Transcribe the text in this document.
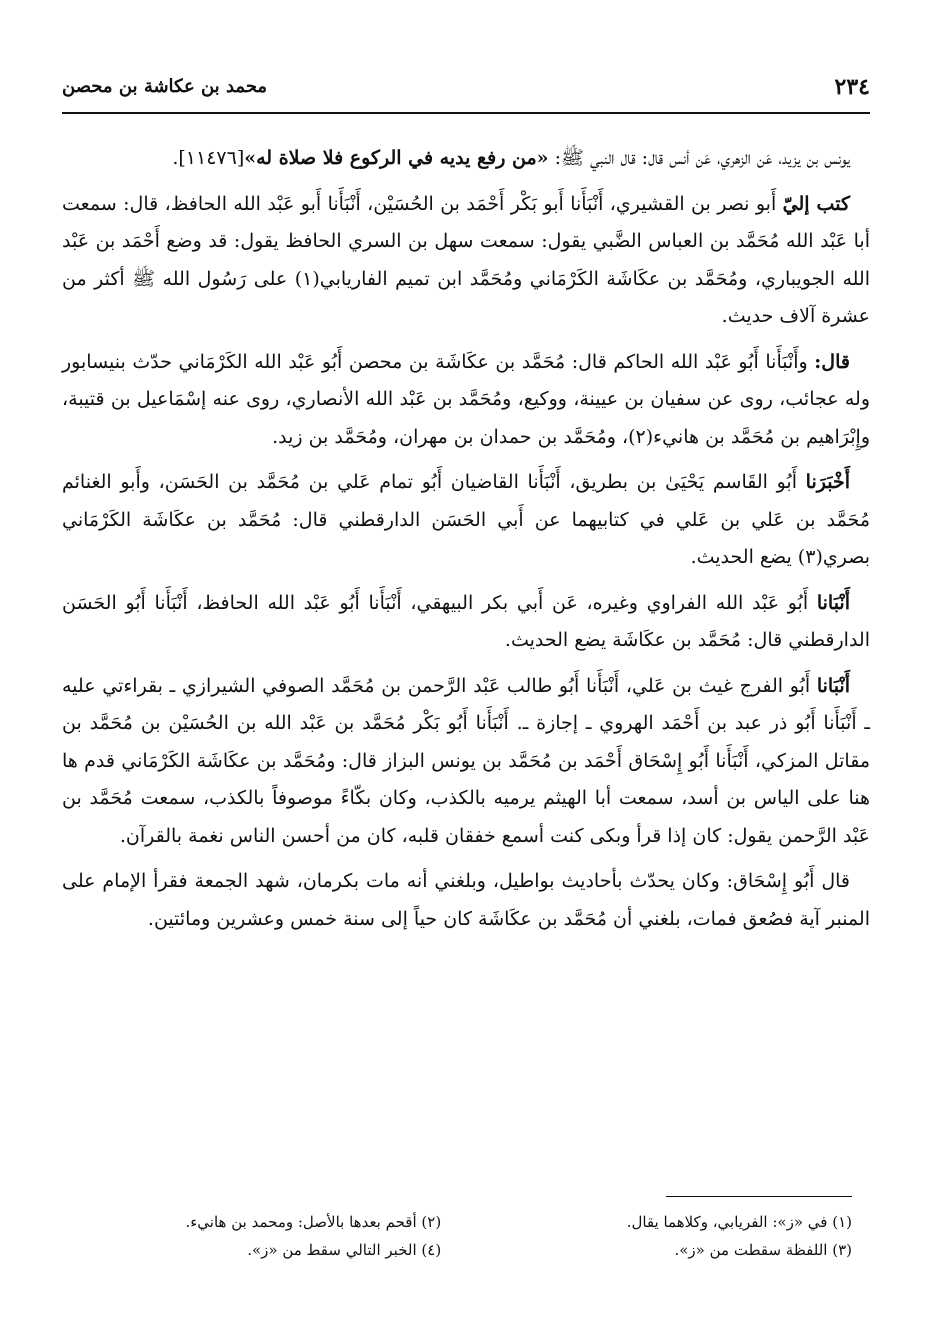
٢٣٤
محمد بن عكاشة بن محصن

يونس بن يزيد، عَن الزهري، عَن أنس قال: قال النبي ﷺ: «من رفع يديه في الركوع فلا صلاة له»[١١٤٧٦].

كتب إليّ أَبو نصر بن القشيري، أَنْبَأَنا أَبو بَكْر أَحْمَد بن الحُسَيْن، أَنْبَأَنا أَبو عَبْد الله الحافظ، قال: سمعت أبا عَبْد الله مُحَمَّد بن العباس الضَّبي يقول: سمعت سهل بن السري الحافظ يقول: قد وضع أَحْمَد بن عَبْد الله الجويباري، ومُحَمَّد بن عكَاشَة الكَرْمَاني ومُحَمَّد ابن تميم الفاريابي(١) على رَسُول الله ﷺ أكثر من عشرة آلاف حديث.

قال: وأَنْبَأَنا أَبُو عَبْد الله الحاكم قال: مُحَمَّد بن عكَاشَة بن محصن أَبُو عَبْد الله الكَرْمَاني حدّث بنيسابور وله عجائب، روى عن سفيان بن عيينة، ووكيع، ومُحَمَّد بن عَبْد الله الأنصاري، روى عنه إسْمَاعيل بن قتيبة، وإِبْرَاهيم بن مُحَمَّد بن هانيء(٢)، ومُحَمَّد بن حمدان بن مهران، ومُحَمَّد بن زيد.

أَخْبَرَنا أَبُو القَاسم يَحْيَىٰ بن بطريق، أَنْبَأَنا القاضيان أَبُو تمام عَلي بن مُحَمَّد بن الحَسَن، وأَبو الغنائم مُحَمَّد بن عَلي بن عَلي في كتابيهما عن أَبي الحَسَن الدارقطني قال: مُحَمَّد بن عكَاشَة الكَرْمَاني بصري(٣) يضع الحديث.

أَنْبَانا أَبُو عَبْد الله الفراوي وغيره، عَن أَبي بكر البيهقي، أَنْبَأَنا أَبُو عَبْد الله الحافظ، أَنْبَأَنا أَبُو الحَسَن الدارقطني قال: مُحَمَّد بن عكَاشَة يضع الحديث.

أَنْبَانا أَبُو الفرج غيث بن عَلي، أَنْبَأَنا أَبُو طالب عَبْد الرَّحمن بن مُحَمَّد الصوفي الشيرازي ـ بقراءتي عليه ـ أَنْبَأَنا أَبُو ذر عبد بن أَحْمَد الهروي ـ إجازة ـ. أَنْبَأَنا أَبُو بَكْر مُحَمَّد بن عَبْد الله بن الحُسَيْن بن مُحَمَّد بن مقاتل المزكي، أَنْبَأَنا أَبُو إِسْحَاق أَحْمَد بن مُحَمَّد بن يونس البزاز قال: ومُحَمَّد بن عكَاشَة الكَرْمَاني قدم ها هنا على الياس بن أسد، سمعت أبا الهيثم يرميه بالكذب، وكان بكّاءً موصوفاً بالكذب، سمعت مُحَمَّد بن عَبْد الرَّحمن يقول: كان إذا قرأ وبكى كنت أسمع خفقان قلبه، كان من أحسن الناس نغمة بالقرآن.

قال أَبُو إِسْحَاق: وكان يحدّث بأحاديث بواطيل، وبلغني أنه مات بكرمان، شهد الجمعة فقرأ الإمام على المنبر آية فصُعق فمات، بلغني أن مُحَمَّد بن عكَاشَة كان حياً إلى سنة خمس وعشرين ومائتين.

(١) في «ز»: الفريابي، وكلاهما يقال.
(٢) أقحم بعدها بالأصل: ومحمد بن هانيء.
(٣) اللفظة سقطت من «ز».
(٤) الخبر التالي سقط من «ز».
